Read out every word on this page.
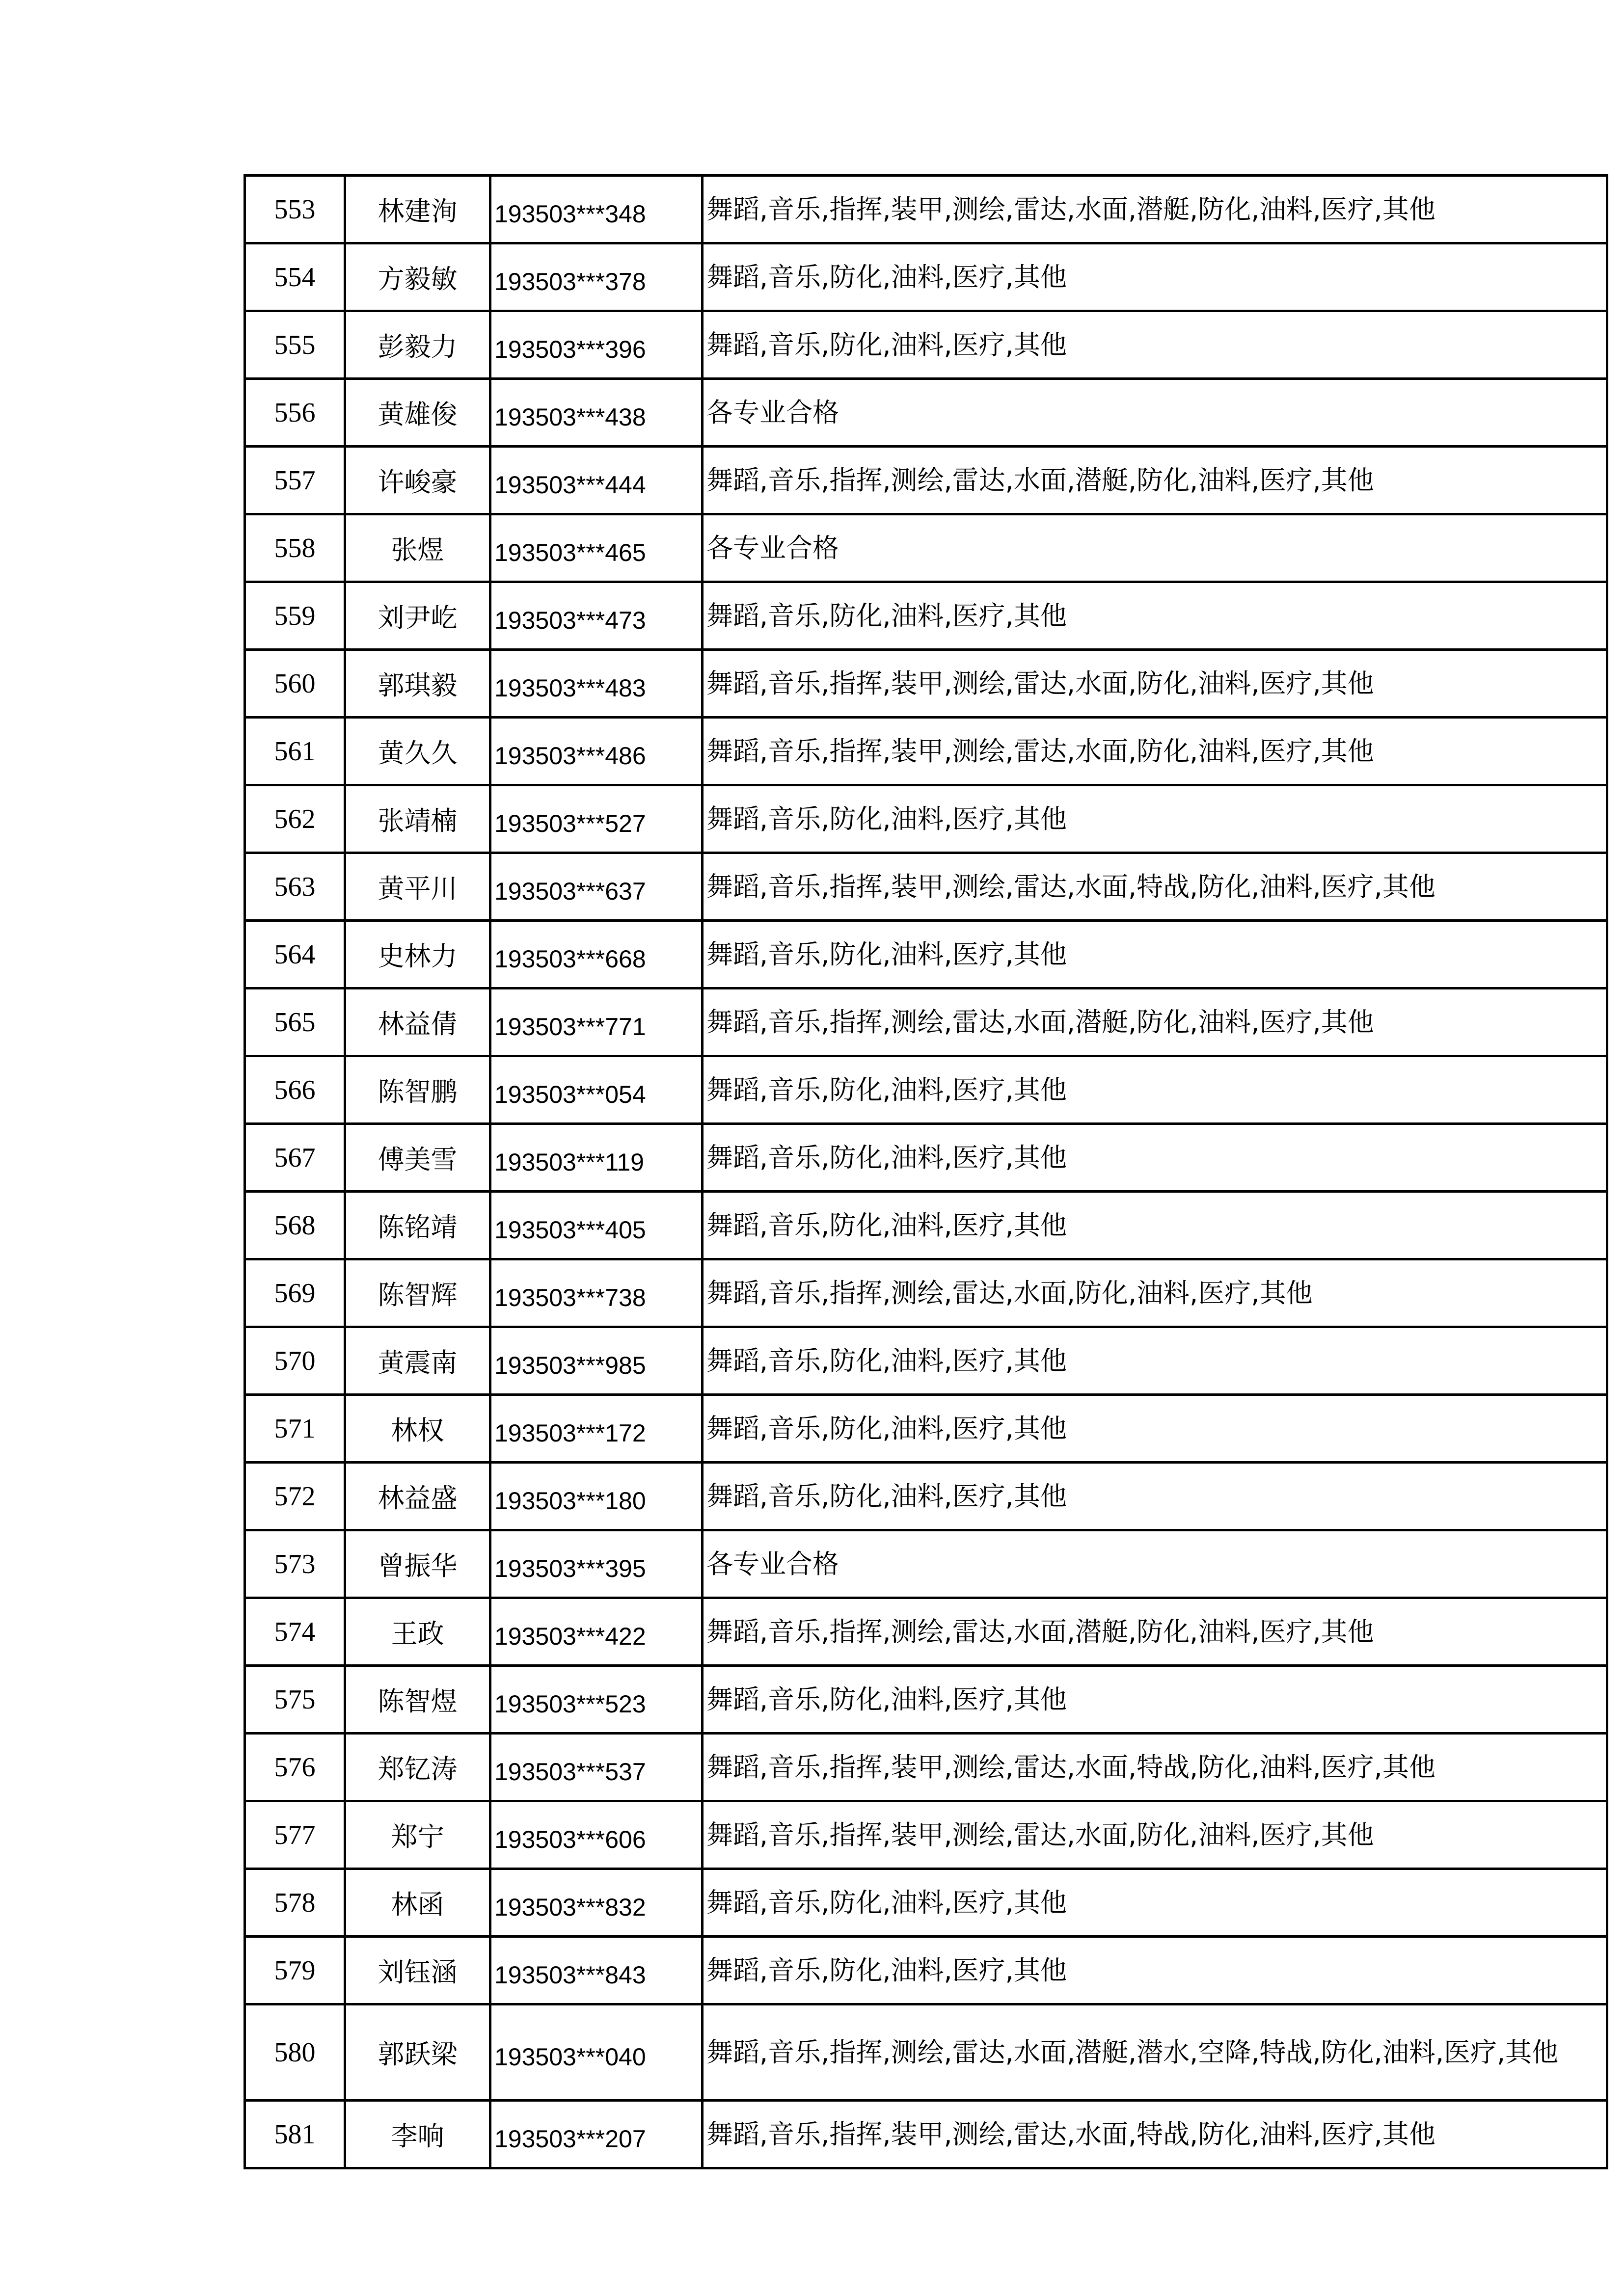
553	林建洵	193503***348	舞蹈,音乐,指挥,装甲,测绘,雷达,水面,潜艇,防化,油料,医疗,其他

554	方毅敏	193503***378	舞蹈,音乐,防化,油料,医疗,其他

555	彭毅力	193503***396	舞蹈,音乐,防化,油料,医疗,其他

556	黄雄俊	193503***438	各专业合格

557	许峻豪	193503***444	舞蹈,音乐,指挥,测绘,雷达,水面,潜艇,防化,油料,医疗,其他

558	张煜	193503***465	各专业合格

559	刘尹屹	193503***473	舞蹈,音乐,防化,油料,医疗,其他

560	郭琪毅	193503***483	舞蹈,音乐,指挥,装甲,测绘,雷达,水面,防化,油料,医疗,其他

561	黄久久	193503***486	舞蹈,音乐,指挥,装甲,测绘,雷达,水面,防化,油料,医疗,其他

562	张靖楠	193503***527	舞蹈,音乐,防化,油料,医疗,其他

563	黄平川	193503***637	舞蹈,音乐,指挥,装甲,测绘,雷达,水面,特战,防化,油料,医疗,其他

564	史林力	193503***668	舞蹈,音乐,防化,油料,医疗,其他

565	林益倩	193503***771	舞蹈,音乐,指挥,测绘,雷达,水面,潜艇,防化,油料,医疗,其他

566	陈智鹏	193503***054	舞蹈,音乐,防化,油料,医疗,其他

567	傅美雪	193503***119	舞蹈,音乐,防化,油料,医疗,其他

568	陈铭靖	193503***405	舞蹈,音乐,防化,油料,医疗,其他

569	陈智辉	193503***738	舞蹈,音乐,指挥,测绘,雷达,水面,防化,油料,医疗,其他

570	黄震南	193503***985	舞蹈,音乐,防化,油料,医疗,其他

571	林权	193503***172	舞蹈,音乐,防化,油料,医疗,其他

572	林益盛	193503***180	舞蹈,音乐,防化,油料,医疗,其他

573	曾振华	193503***395	各专业合格

574	王政	193503***422	舞蹈,音乐,指挥,测绘,雷达,水面,潜艇,防化,油料,医疗,其他

575	陈智煜	193503***523	舞蹈,音乐,防化,油料,医疗,其他

576	郑钇涛	193503***537	舞蹈,音乐,指挥,装甲,测绘,雷达,水面,特战,防化,油料,医疗,其他

577	郑宁	193503***606	舞蹈,音乐,指挥,装甲,测绘,雷达,水面,防化,油料,医疗,其他

578	林函	193503***832	舞蹈,音乐,防化,油料,医疗,其他

579	刘钰涵	193503***843	舞蹈,音乐,防化,油料,医疗,其他

580	郭跃梁	193503***040	舞蹈,音乐,指挥,测绘,雷达,水面,潜艇,潜水,空降,特战,防化,油料,医疗,其他

581	李响	193503***207	舞蹈,音乐,指挥,装甲,测绘,雷达,水面,特战,防化,油料,医疗,其他
